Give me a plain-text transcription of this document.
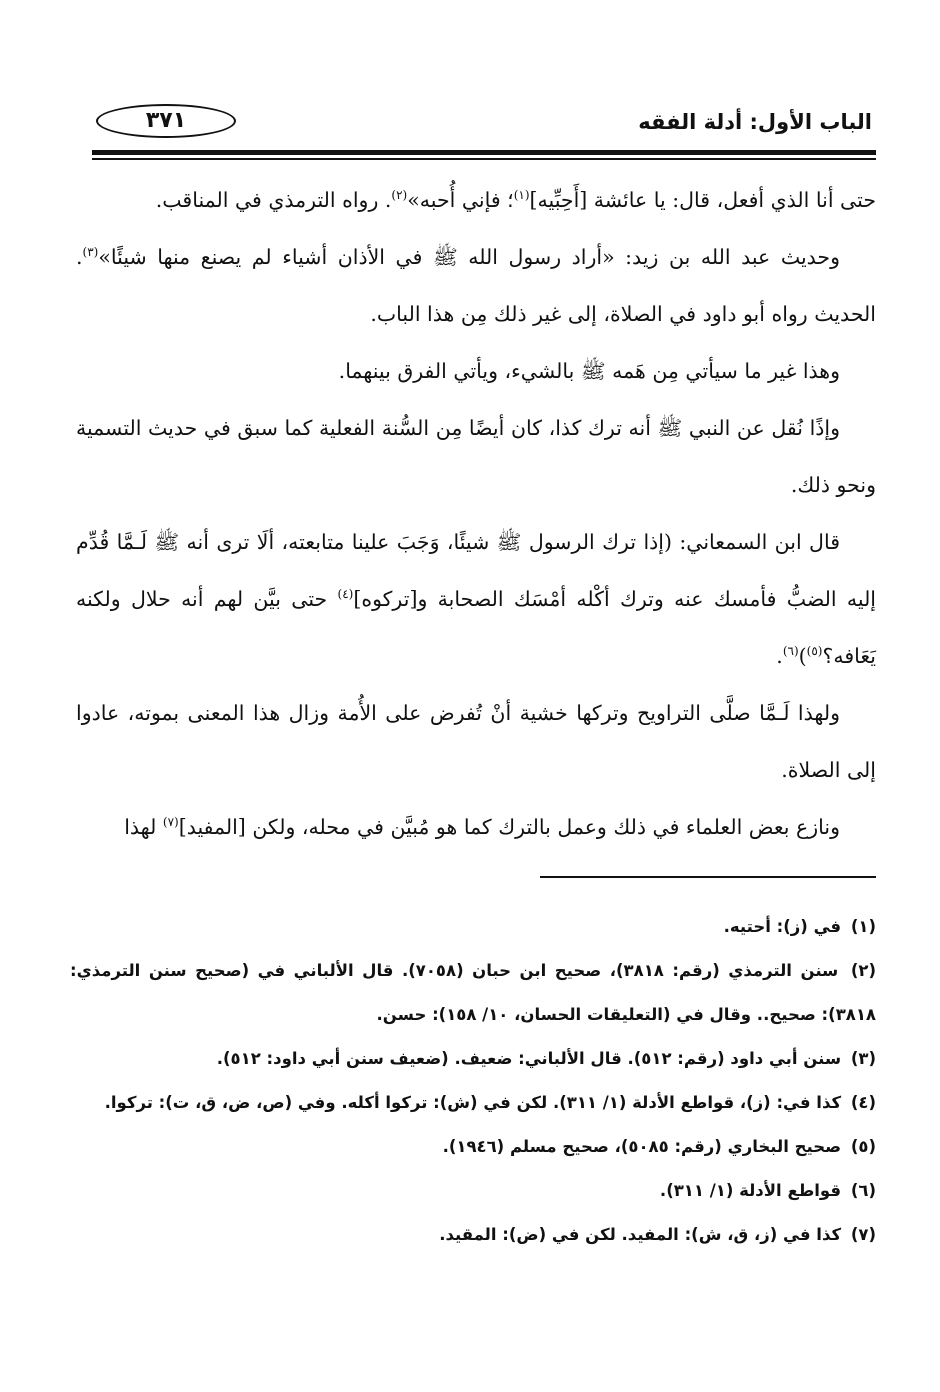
الباب الأول: أدلة الفقه
٣٧١

حتى أنا الذي أفعل، قال: يا عائشة [أَحِبِّيه]$^{(١)}$؛ فإني أُحبه»$^{(٢)}$. رواه الترمذي في المناقب.

وحديث عبد الله بن زيد: «أراد رسول الله ﷺ في الأذان أشياء لم يصنع منها شيئًا»$^{(٣)}$. الحديث رواه أبو داود في الصلاة، إلى غير ذلك مِن هذا الباب.

وهذا غير ما سيأتي مِن هَمه ﷺ بالشيء، ويأتي الفرق بينهما.

وإذًا نُقل عن النبي ﷺ أنه ترك كذا، كان أيضًا مِن السُّنة الفعلية كما سبق في حديث التسمية ونحو ذلك.

قال ابن السمعاني: (إذا ترك الرسول ﷺ شيئًا، وَجَبَ علينا متابعته، ألَا ترى أنه ﷺ لَـمَّا قُدِّم إليه الضبُّ فأمسك عنه وترك أكْله أمْسَك الصحابة و[تركوه]$^{(٤)}$ حتى بيَّن لهم أنه حلال ولكنه يَعَافه؟$^{(٥)}$)$^{(٦)}$.

ولهذا لَـمَّا صلَّى التراويح وتركها خشية أنْ تُفرض على الأُمة وزال هذا المعنى بموته، عادوا إلى الصلاة.

ونازع بعض العلماء في ذلك وعمل بالترك كما هو مُبيَّن في محله، ولكن [المفيد]$^{(٧)}$ لهذا

(١) في (ز): أحتيه.

(٢) سنن الترمذي (رقم: ٣٨١٨)، صحيح ابن حبان (٧٠٥٨). قال الألباني في (صحيح سنن الترمذي: ٣٨١٨): صحيح.. وقال في (التعليقات الحسان، ١٠/ ١٥٨): حسن.

(٣) سنن أبي داود (رقم: ٥١٢). قال الألباني: ضعيف. (ضعيف سنن أبي داود: ٥١٢).

(٤) كذا في: (ز)، قواطع الأدلة (١/ ٣١١). لكن في (ش): تركوا أكله. وفي (ص، ض، ق، ت): تركوا.

(٥) صحيح البخاري (رقم: ٥٠٨٥)، صحيح مسلم (١٩٤٦).

(٦) قواطع الأدلة (١/ ٣١١).

(٧) كذا في (ز، ق، ش): المفيد. لكن في (ض): المقيد.
